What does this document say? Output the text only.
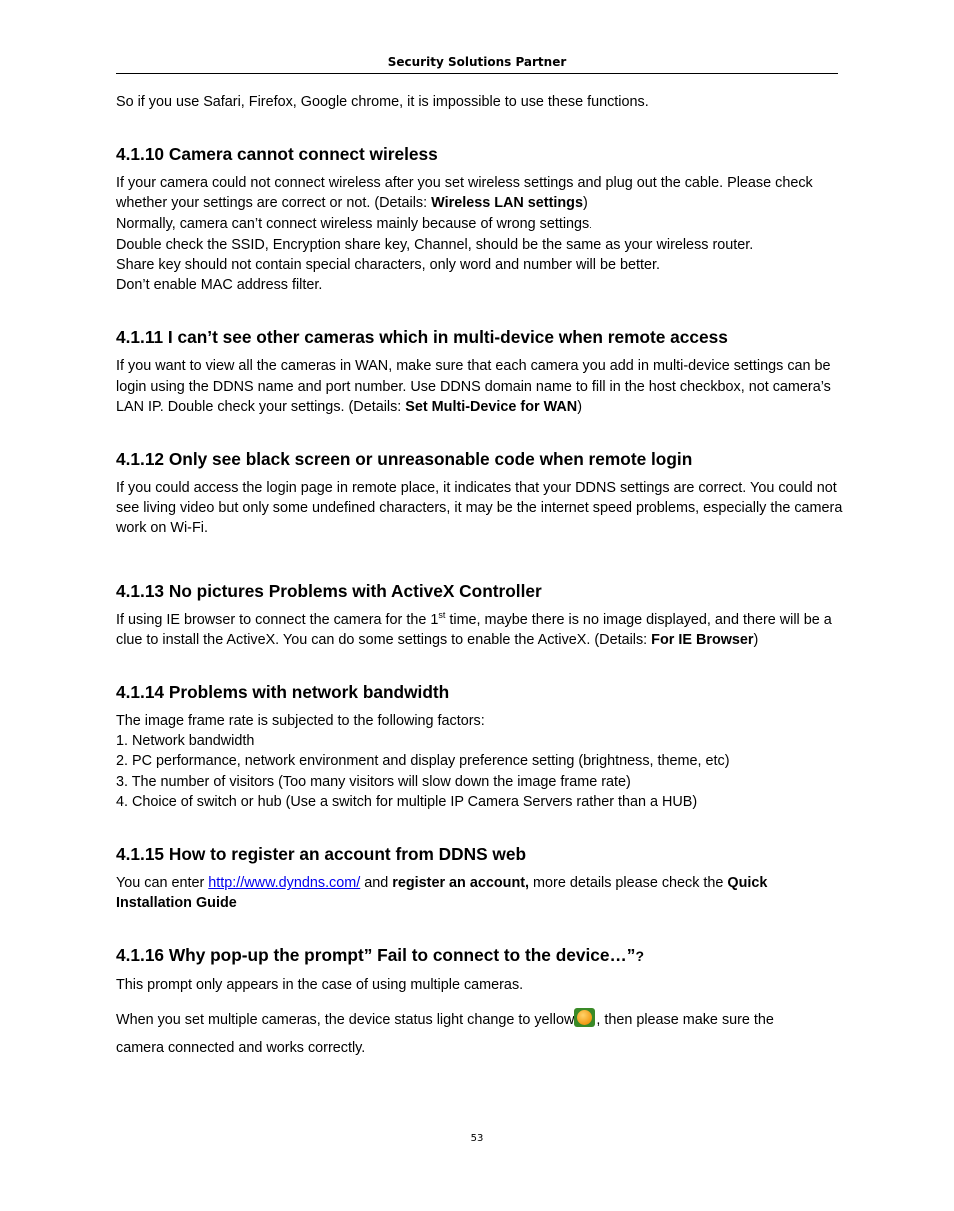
Security Solutions Partner

So if you use Safari, Firefox, Google chrome, it is impossible to use these functions.

4.1.10 Camera cannot connect wireless

If your camera could not connect wireless after you set wireless settings and plug out the cable. Please check whether your settings are correct or not. (Details: Wireless LAN settings)

Normally, camera can’t connect wireless mainly because of wrong settings.

Double check the SSID, Encryption share key, Channel, should be the same as your wireless router.

Share key should not contain special characters, only word and number will be better.

Don’t enable MAC address filter.

4.1.11 I can’t see other cameras which in multi-device when remote access

If you want to view all the cameras in WAN, make sure that each camera you add in multi-device settings can be login using the DDNS name and port number. Use DDNS domain name to fill in the host checkbox, not camera’s LAN IP. Double check your settings. (Details: Set Multi-Device for WAN)

4.1.12 Only see black screen or unreasonable code when remote login

If you could access the login page in remote place, it indicates that your DDNS settings are correct. You could not see living video but only some undefined characters, it may be the internet speed problems, especially the camera work on Wi-Fi.

4.1.13 No pictures Problems with ActiveX Controller

If using IE browser to connect the camera for the 1st time, maybe there is no image displayed, and there will be a clue to install the ActiveX. You can do some settings to enable the ActiveX. (Details: For IE Browser)

4.1.14 Problems with network bandwidth

The image frame rate is subjected to the following factors:

1. Network bandwidth

2. PC performance, network environment and display preference setting (brightness, theme, etc)

3. The number of visitors (Too many visitors will slow down the image frame rate)

4. Choice of switch or hub (Use a switch for multiple IP Camera Servers rather than a HUB)

4.1.15 How to register an account from DDNS web

You can enter http://www.dyndns.com/ and register an account, more details please check the Quick Installation Guide

4.1.16 Why pop-up the prompt” Fail to connect to the device…”?

This prompt only appears in the case of using multiple cameras.

When you set multiple cameras, the device status light change to yellow , then please make sure the

camera connected and works correctly.

53
